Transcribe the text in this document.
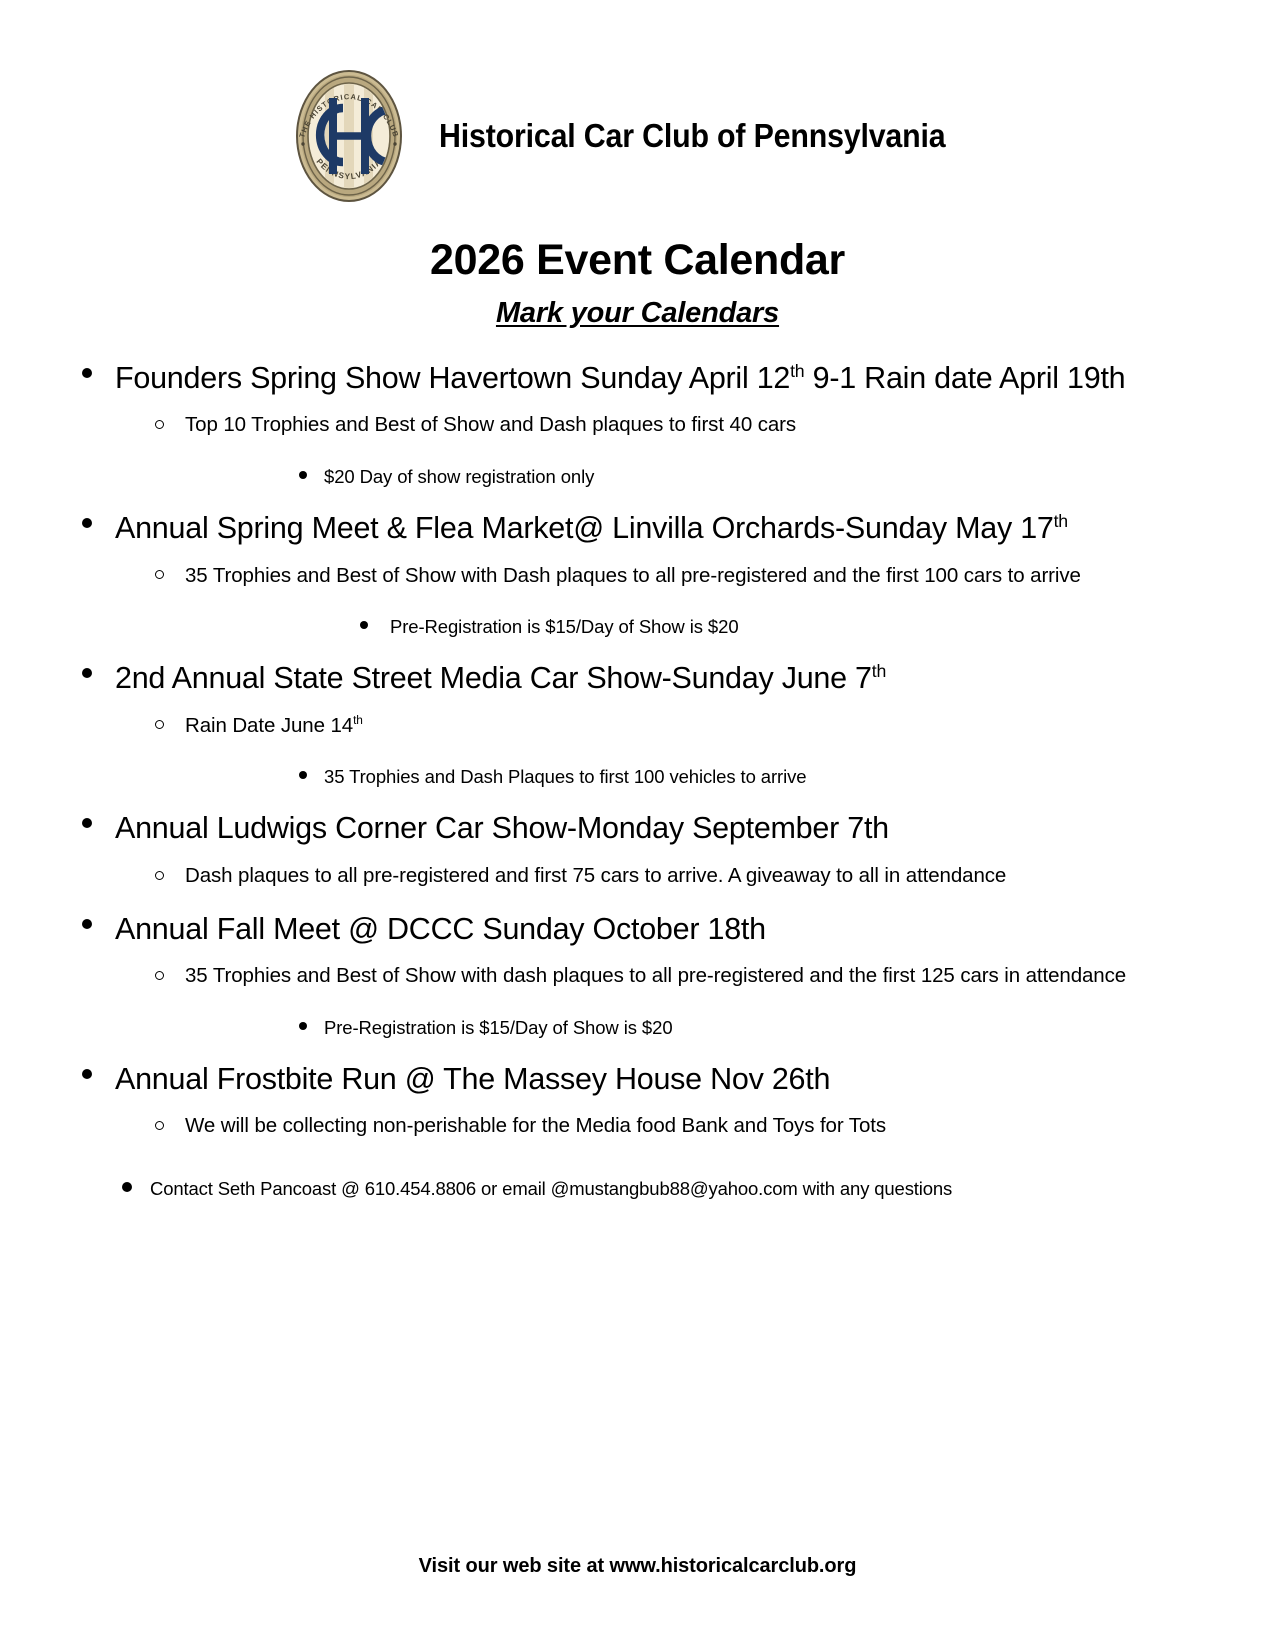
THE HISTORICAL CAR CLUB
PENNSYLVANIA
Historical Car Club of Pennsylvania
2026 Event Calendar
Mark your Calendars
Founders Spring Show Havertown Sunday April 12th 9-1 Rain date April 19th
Top 10 Trophies and Best of Show and Dash plaques to first 40 cars
$20 Day of show registration only
Annual Spring Meet & Flea Market@ Linvilla Orchards-Sunday May 17th
35 Trophies and Best of Show with Dash plaques to all pre-registered and the first 100 cars to arrive
Pre-Registration is $15/Day of Show is $20
2nd Annual State Street Media Car Show-Sunday June 7th
Rain Date June 14th
35 Trophies and Dash Plaques to first 100 vehicles to arrive
Annual Ludwigs Corner Car Show-Monday September 7th
Dash plaques to all pre-registered and first 75 cars to arrive. A giveaway to all in attendance
Annual Fall Meet @ DCCC Sunday October 18th
35 Trophies and Best of Show with dash plaques to all pre-registered and the first 125 cars in attendance
Pre-Registration is $15/Day of Show is $20
Annual Frostbite Run @ The Massey House Nov 26th
We will be collecting non-perishable for the Media food Bank and Toys for Tots
Contact Seth Pancoast @ 610.454.8806 or email @mustangbub88@yahoo.com with any questions
Visit our web site at www.historicalcarclub.org
